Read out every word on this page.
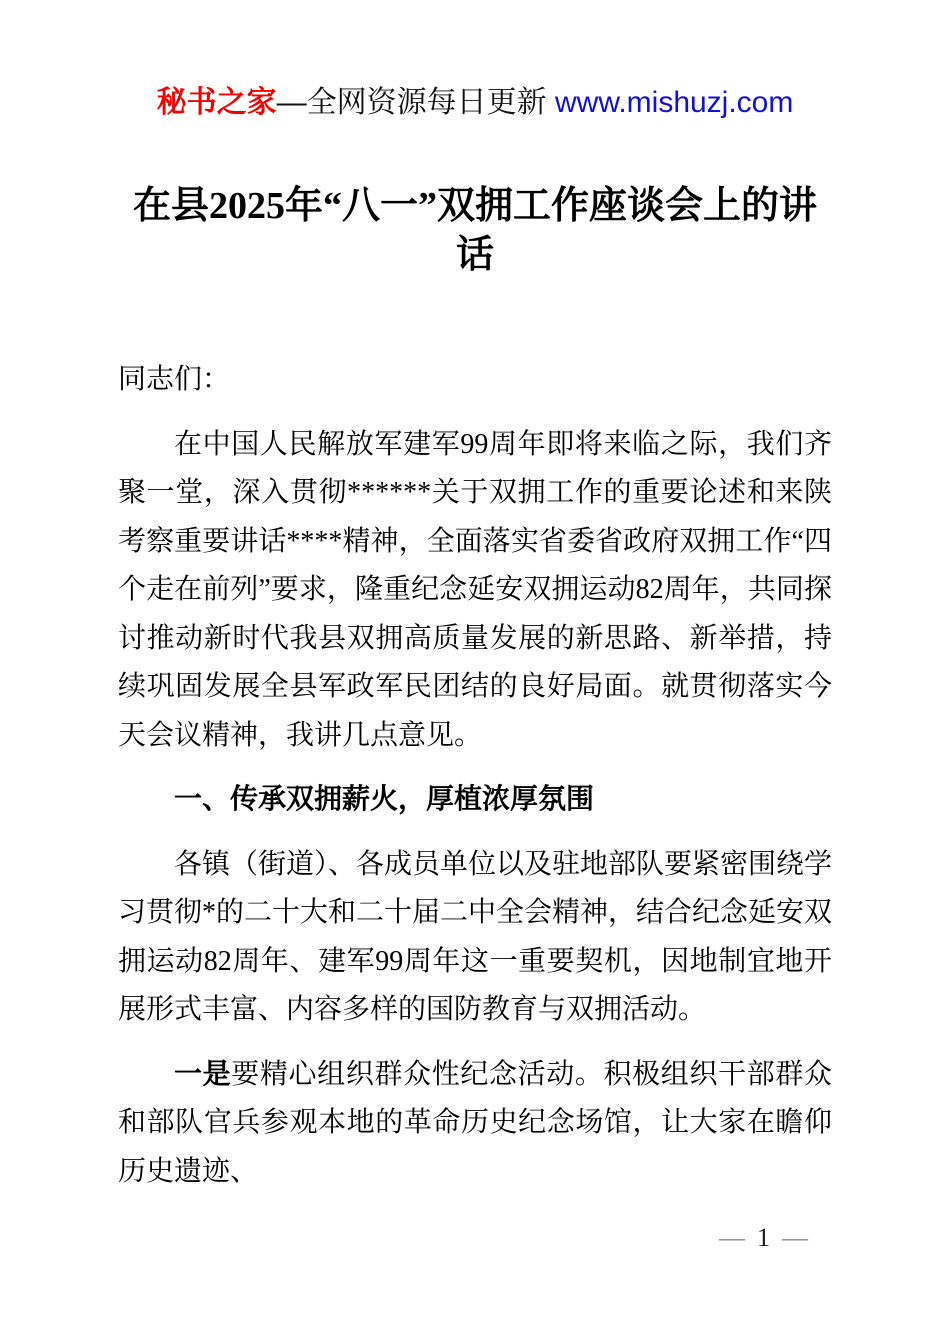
秘书之家—全网资源每日更新 www.mishuzj.com
在县2025年“八一”双拥工作座谈会上的讲
话

同志们：

在中国人民解放军建军99周年即将来临之际，我们齐聚一堂，深入贯彻******关于双拥工作的重要论述和来陕考察重要讲话****精神，全面落实省委省政府双拥工作“四个走在前列”要求，隆重纪念延安双拥运动82周年，共同探讨推动新时代我县双拥高质量发展的新思路、新举措，持续巩固发展全县军政军民团结的良好局面。就贯彻落实今天会议精神，我讲几点意见。

一、传承双拥薪火，厚植浓厚氛围

各镇（街道）、各成员单位以及驻地部队要紧密围绕学习贯彻*的二十大和二十届二中全会精神，结合纪念延安双拥运动82周年、建军99周年这一重要契机，因地制宜地开展形式丰富、内容多样的国防教育与双拥活动。

一是要精心组织群众性纪念活动。积极组织干部群众和部队官兵参观本地的革命历史纪念场馆，让大家在瞻仰历史遗迹、

— 1 —
